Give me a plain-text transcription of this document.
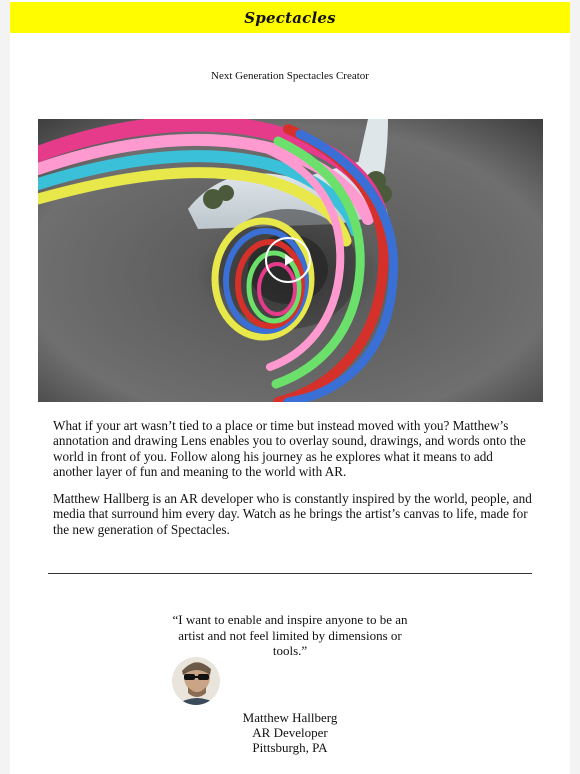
Spectacles
Next Generation Spectacles Creator

What if your art wasn’t tied to a place or time but instead moved with you? Matthew’s annotation and drawing Lens enables you to overlay sound, drawings, and words onto the world in front of you. Follow along his journey as he explores what it means to add another layer of fun and meaning to the world with AR.

Matthew Hallberg is an AR developer who is constantly inspired by the world, people, and media that surround him every day. Watch as he brings the artist’s canvas to life, made for the new generation of Spectacles.

“I want to enable and inspire anyone to be an artist and not feel limited by dimensions or tools.”

Matthew Hallberg
AR Developer
Pittsburgh, PA
